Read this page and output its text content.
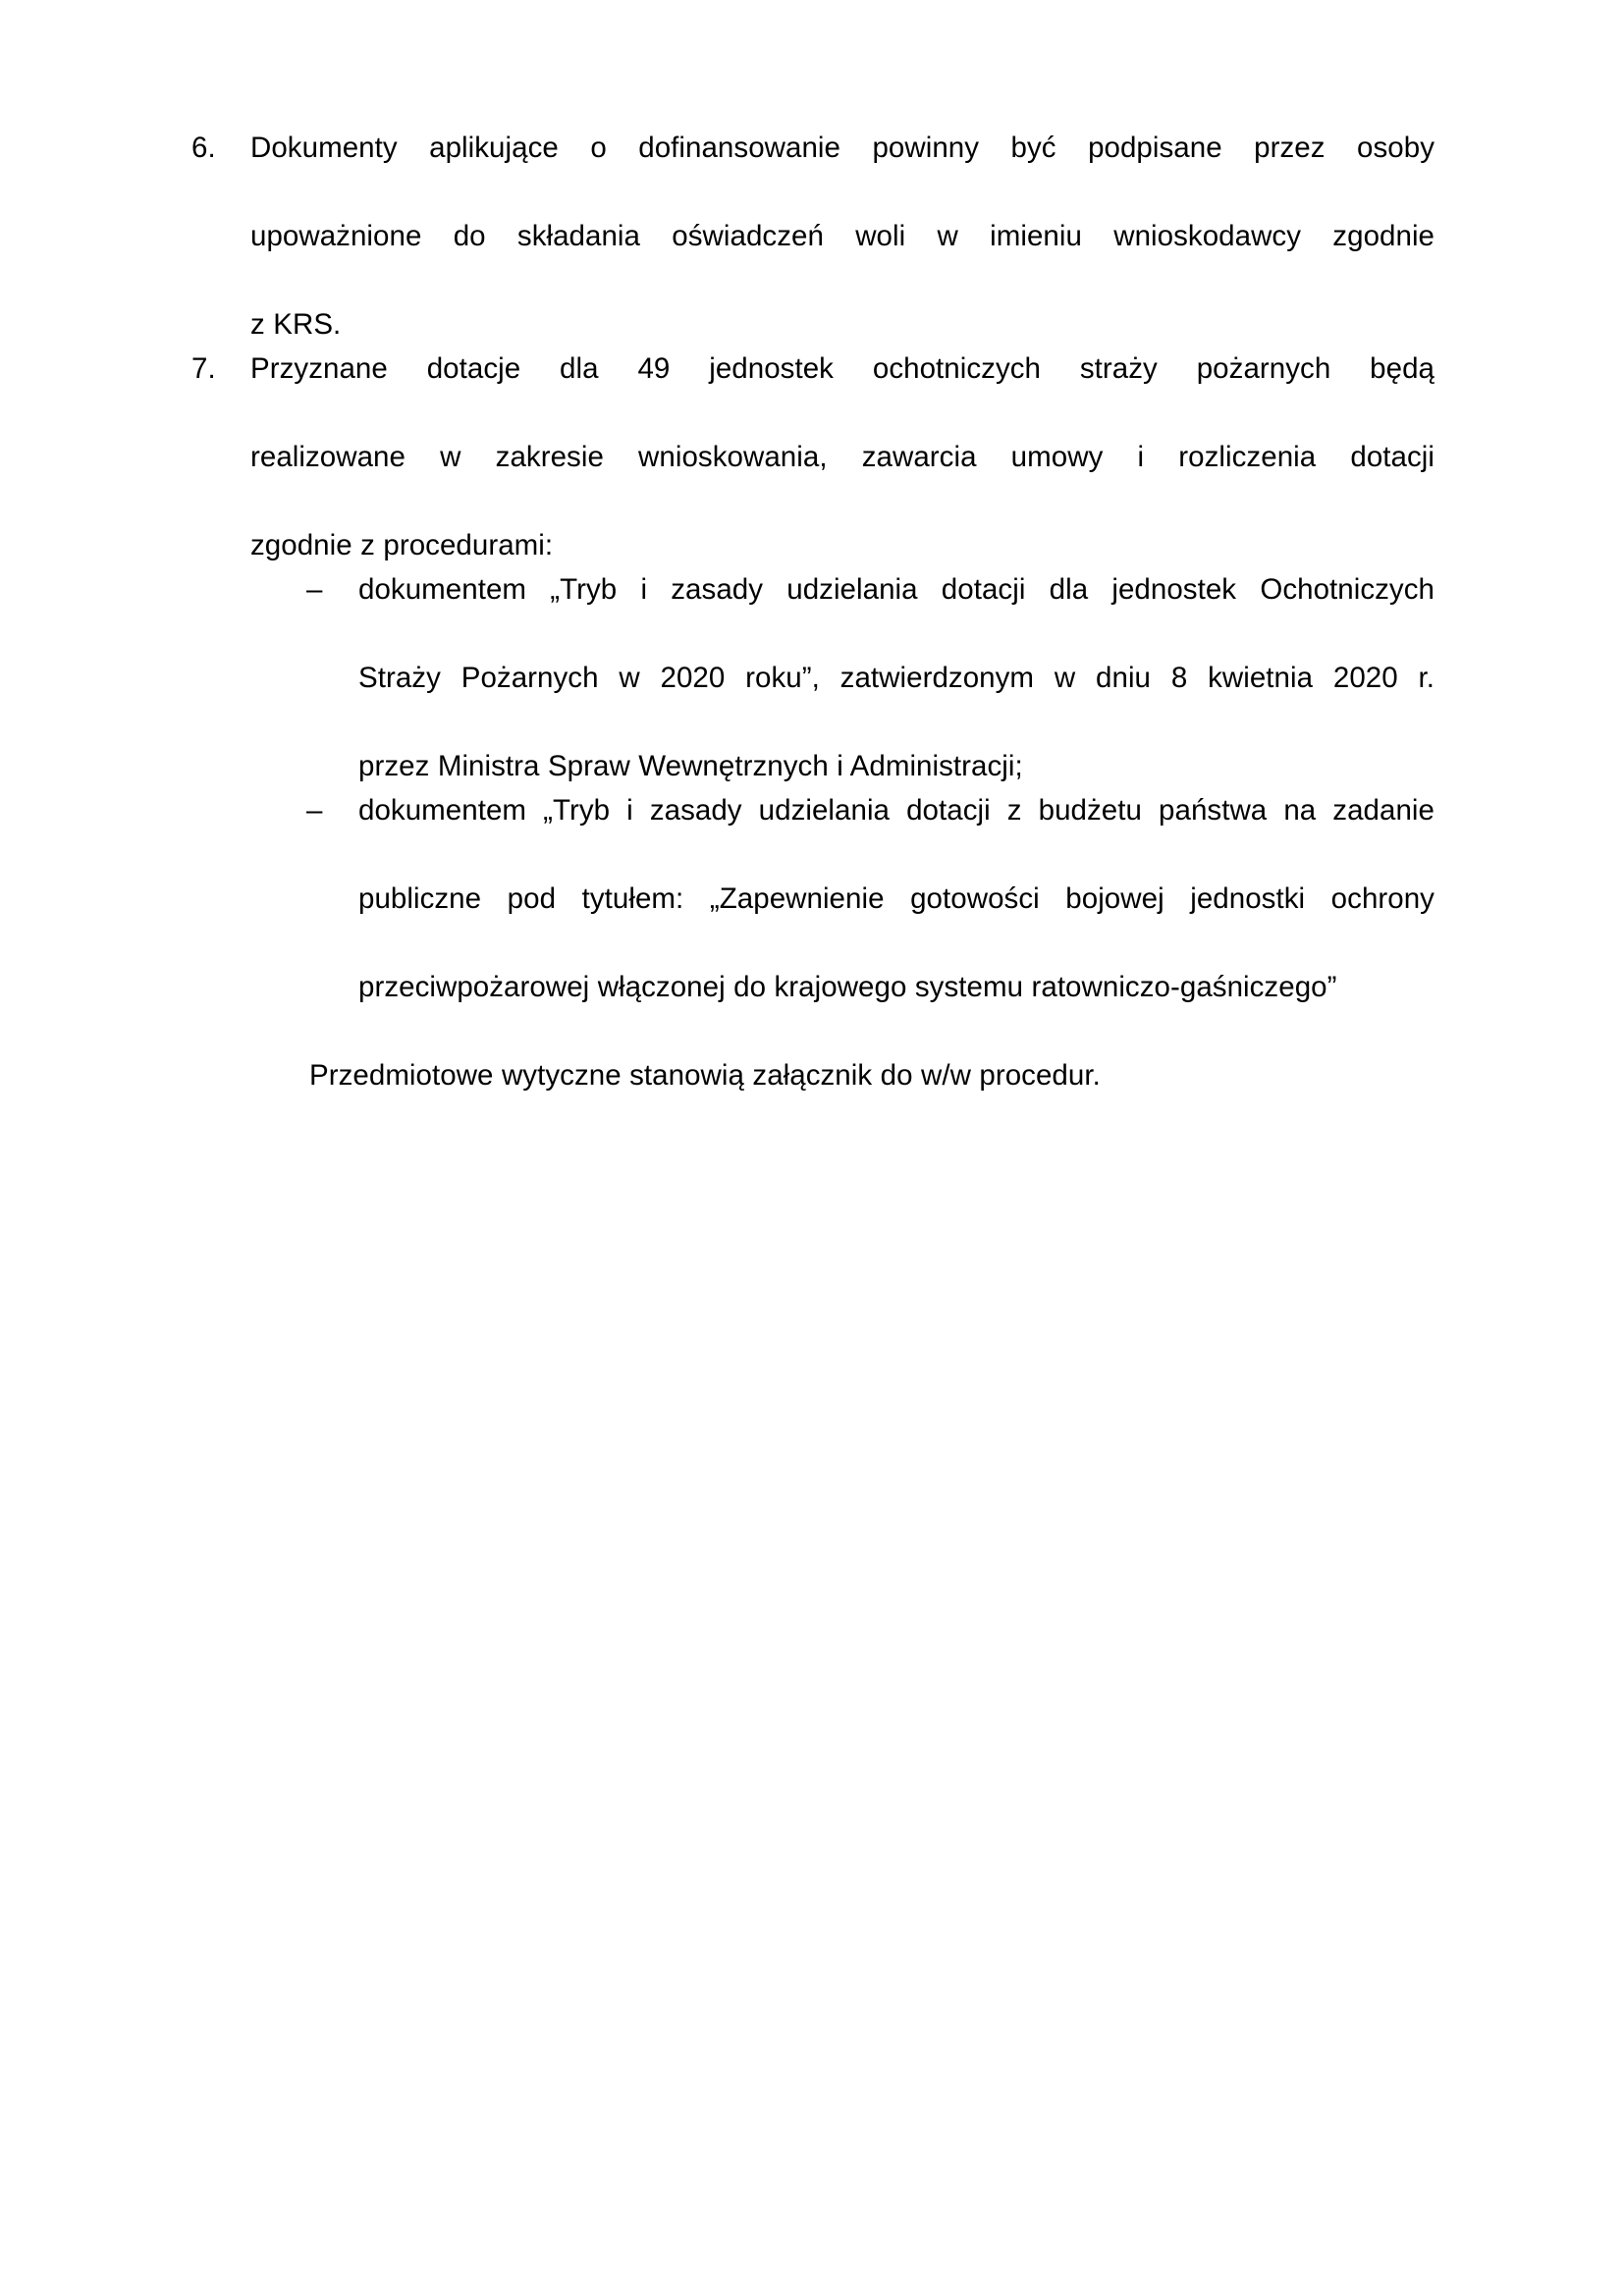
6.	Dokumenty aplikujące o dofinansowanie powinny być podpisane przez osoby

upoważnione do składania oświadczeń woli w imieniu wnioskodawcy zgodnie

z KRS.

7.	Przyznane dotacje dla 49 jednostek ochotniczych straży pożarnych będą

realizowane w zakresie wnioskowania, zawarcia umowy i rozliczenia dotacji

zgodnie z procedurami:

–	dokumentem „Tryb i zasady udzielania dotacji dla jednostek Ochotniczych

Straży Pożarnych w 2020 roku”, zatwierdzonym w dniu 8 kwietnia 2020 r.

przez Ministra Spraw Wewnętrznych i Administracji;

–	dokumentem „Tryb i zasady udzielania dotacji z budżetu państwa na zadanie

publiczne pod tytułem: „Zapewnienie gotowości bojowej jednostki ochrony

przeciwpożarowej włączonej do krajowego systemu ratowniczo-gaśniczego”

Przedmiotowe wytyczne stanowią załącznik do w/w procedur.
